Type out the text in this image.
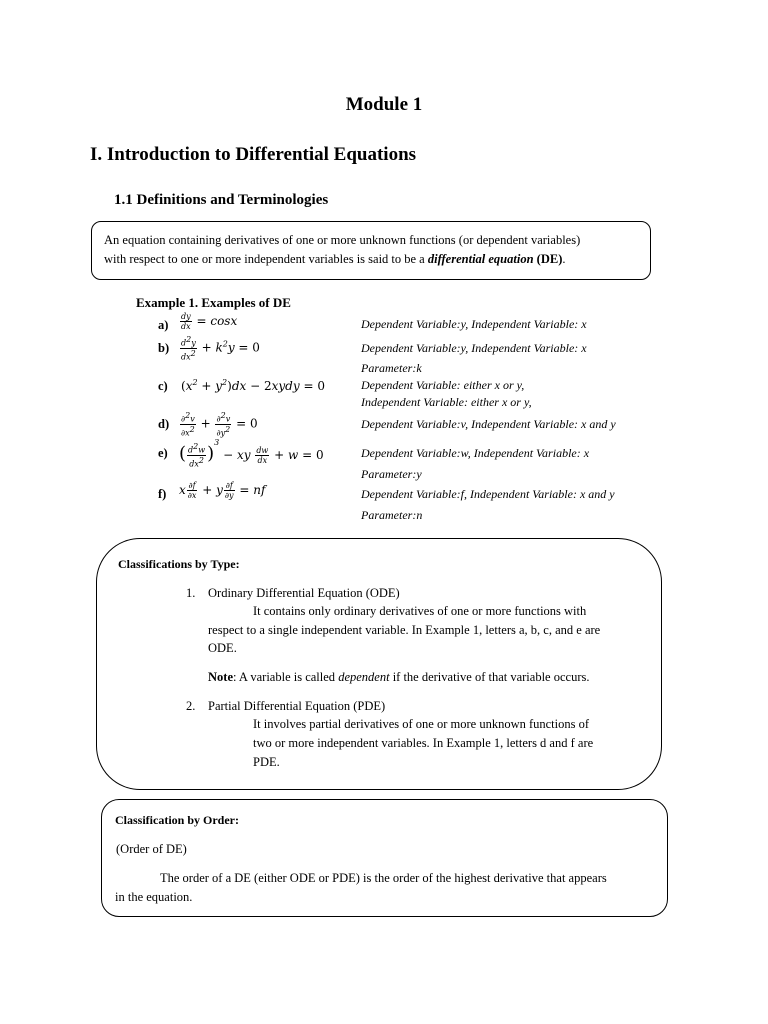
Module 1
I. Introduction to Differential Equations
1.1 Definitions and Terminologies
An equation containing derivatives of one or more unknown functions (or dependent variables)
with respect to one or more independent variables is said to be a differential equation (DE).
Example 1. Examples of DE
$a) \frac{dy}{dx} = \cos x$	Dependent Variable:y, Independent Variable: x
$b) \frac{d^2y}{dx^2} + k^2y = 0$	Dependent Variable:y, Independent Variable: x
Parameter:k
c) $(x^2 + y^2)dx$ − 2xydy = 0	Dependent Variable: either x or y,
Independent Variable: either x or y,
$d) \frac{\partial^2v}{\partial x^2} + \frac{\partial^2v}{\partial y^2} = 0$	Dependent Variable:v, Independent Variable: x and y
e) ( $\frac{d^2w}{dx^2} )^3$ − xy $\frac{dw}{dx} + w = 0$	Dependent Variable:w, Independent Variable: x
Parameter:y
f) x $\frac{\partial f}{\partial x} + y \frac{\partial f}{\partial y}$ = nf	Dependent Variable:f, Independent Variable: x and y
Parameter:n
Classifications by Type:
1. Ordinary Differential Equation (ODE)
It contains only ordinary derivatives of one or more functions with
respect to a single independent variable. In Example 1, letters a, b, c, and e are
ODE.
Note: A variable is called dependent if the derivative of that variable occurs.
2. Partial Differential Equation (PDE)
It involves partial derivatives of one or more unknown functions of
two or more independent variables. In Example 1, letters d and f are
PDE.
Classification by Order:
(Order of DE)
The order of a DE (either ODE or PDE) is the order of the highest derivative that appears
in the equation.
